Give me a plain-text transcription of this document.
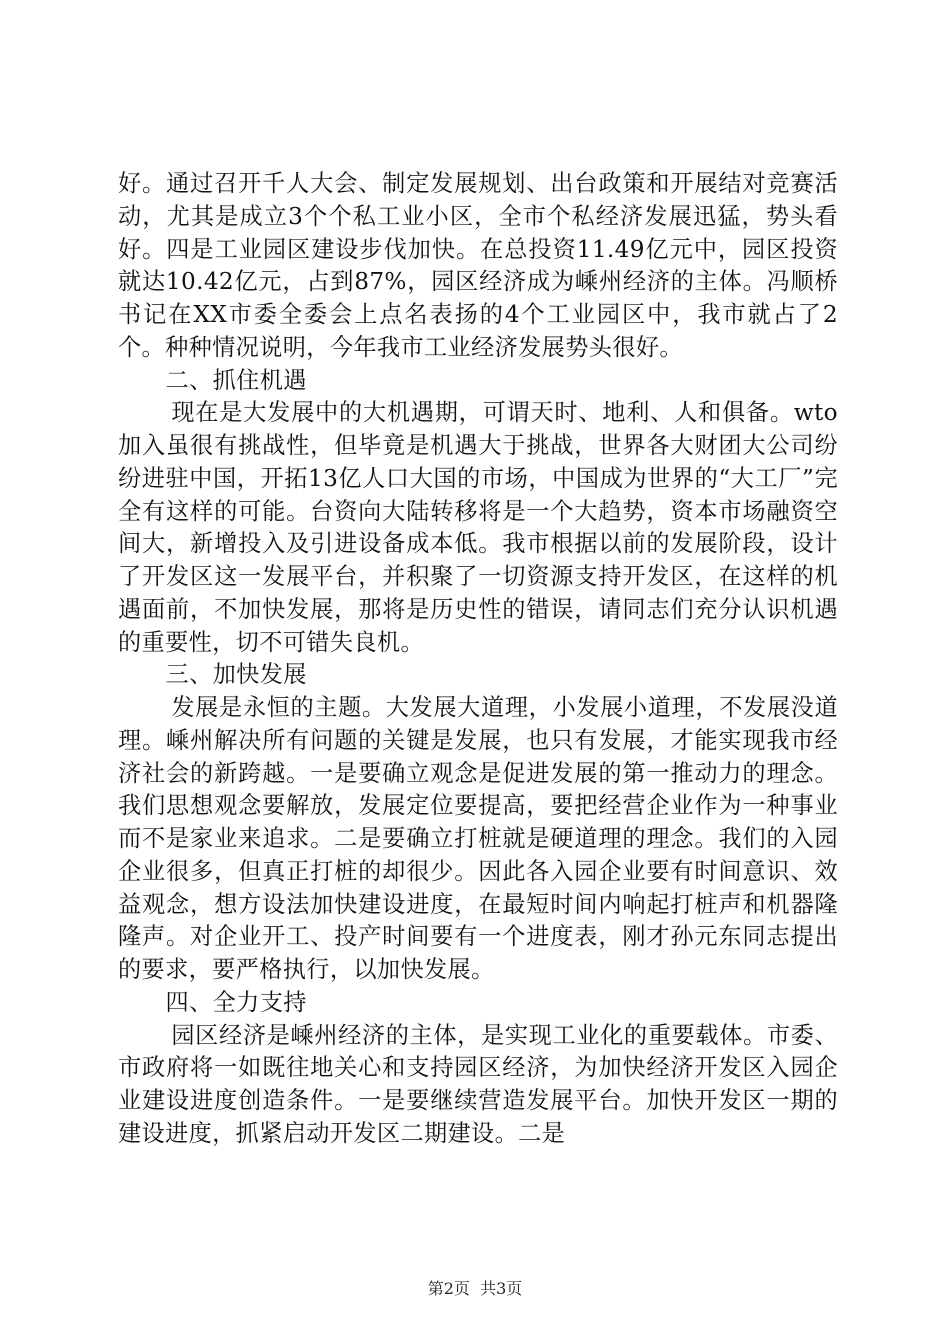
好。通过召开千人大会、制定发展规划、出台政策和开展结对竞赛活动，尤其是成立3个个私工业小区，全市个私经济发展迅猛，势头看好。四是工业园区建设步伐加快。在总投资11.49亿元中，园区投资就达10.42亿元，占到87%，园区经济成为嵊州经济的主体。冯顺桥书记在XX市委全委会上点名表扬的4个工业园区中，我市就占了2个。种种情况说明，今年我市工业经济发展势头很好。

二、抓住机遇

现在是大发展中的大机遇期，可谓天时、地利、人和俱备。wto加入虽很有挑战性，但毕竟是机遇大于挑战，世界各大财团大公司纷纷进驻中国，开拓13亿人口大国的市场，中国成为世界的“大工厂”完全有这样的可能。台资向大陆转移将是一个大趋势，资本市场融资空间大，新增投入及引进设备成本低。我市根据以前的发展阶段，设计了开发区这一发展平台，并积聚了一切资源支持开发区，在这样的机遇面前，不加快发展，那将是历史性的错误，请同志们充分认识机遇的重要性，切不可错失良机。

三、加快发展

发展是永恒的主题。大发展大道理，小发展小道理，不发展没道理。嵊州解决所有问题的关键是发展，也只有发展，才能实现我市经济社会的新跨越。一是要确立观念是促进发展的第一推动力的理念。我们思想观念要解放，发展定位要提高，要把经营企业作为一种事业而不是家业来追求。二是要确立打桩就是硬道理的理念。我们的入园企业很多，但真正打桩的却很少。因此各入园企业要有时间意识、效益观念，想方设法加快建设进度，在最短时间内响起打桩声和机器隆隆声。对企业开工、投产时间要有一个进度表，刚才孙元东同志提出的要求，要严格执行，以加快发展。

四、全力支持

园区经济是嵊州经济的主体，是实现工业化的重要载体。市委、市政府将一如既往地关心和支持园区经济，为加快经济开发区入园企业建设进度创造条件。一是要继续营造发展平台。加快开发区一期的建设进度，抓紧启动开发区二期建设。二是

第2页  共3页
